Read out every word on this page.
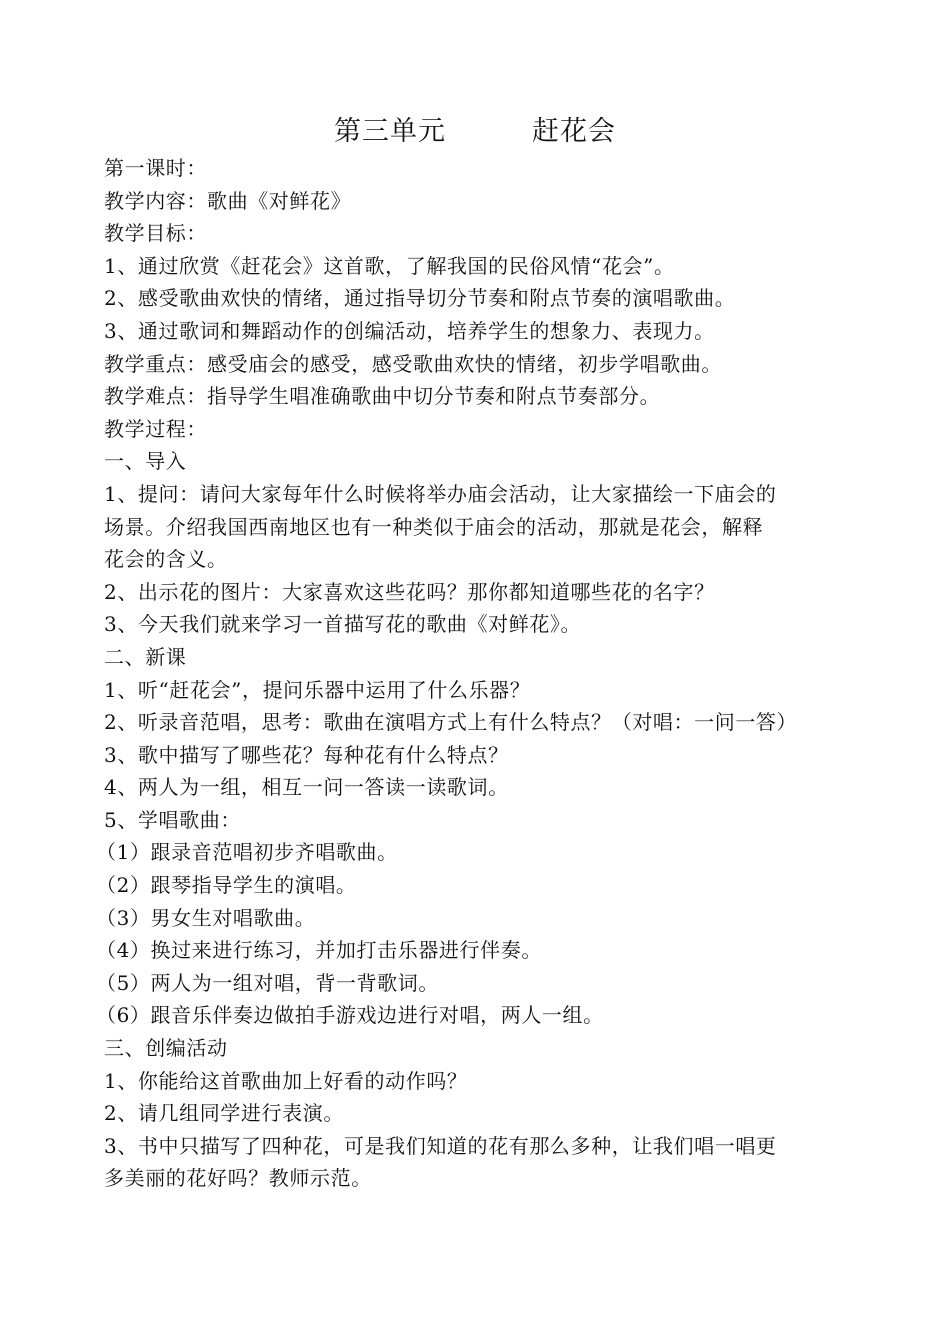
第三单元	赶花会
第一课时：
教学内容：歌曲《对鲜花》
教学目标：
1、通过欣赏《赶花会》这首歌，了解我国的民俗风情“花会”。
2、感受歌曲欢快的情绪，通过指导切分节奏和附点节奏的演唱歌曲。
3、通过歌词和舞蹈动作的创编活动，培养学生的想象力、表现力。
教学重点：感受庙会的感受，感受歌曲欢快的情绪，初步学唱歌曲。
教学难点：指导学生唱准确歌曲中切分节奏和附点节奏部分。
教学过程：
一、导入
1、提问：请问大家每年什么时候将举办庙会活动，让大家描绘一下庙会的
场景。介绍我国西南地区也有一种类似于庙会的活动，那就是花会，解释
花会的含义。
2、出示花的图片：大家喜欢这些花吗？那你都知道哪些花的名字？
3、今天我们就来学习一首描写花的歌曲《对鲜花》。
二、新课
1、听“赶花会”，提问乐器中运用了什么乐器？
2、听录音范唱，思考：歌曲在演唱方式上有什么特点？（对唱：一问一答）
3、歌中描写了哪些花？每种花有什么特点？
4、两人为一组，相互一问一答读一读歌词。
5、学唱歌曲：
（1）跟录音范唱初步齐唱歌曲。
（2）跟琴指导学生的演唱。
（3）男女生对唱歌曲。
（4）换过来进行练习，并加打击乐器进行伴奏。
（5）两人为一组对唱，背一背歌词。
（6）跟音乐伴奏边做拍手游戏边进行对唱，两人一组。
三、创编活动
1、你能给这首歌曲加上好看的动作吗？
2、请几组同学进行表演。
3、书中只描写了四种花，可是我们知道的花有那么多种，让我们唱一唱更
多美丽的花好吗？教师示范。
